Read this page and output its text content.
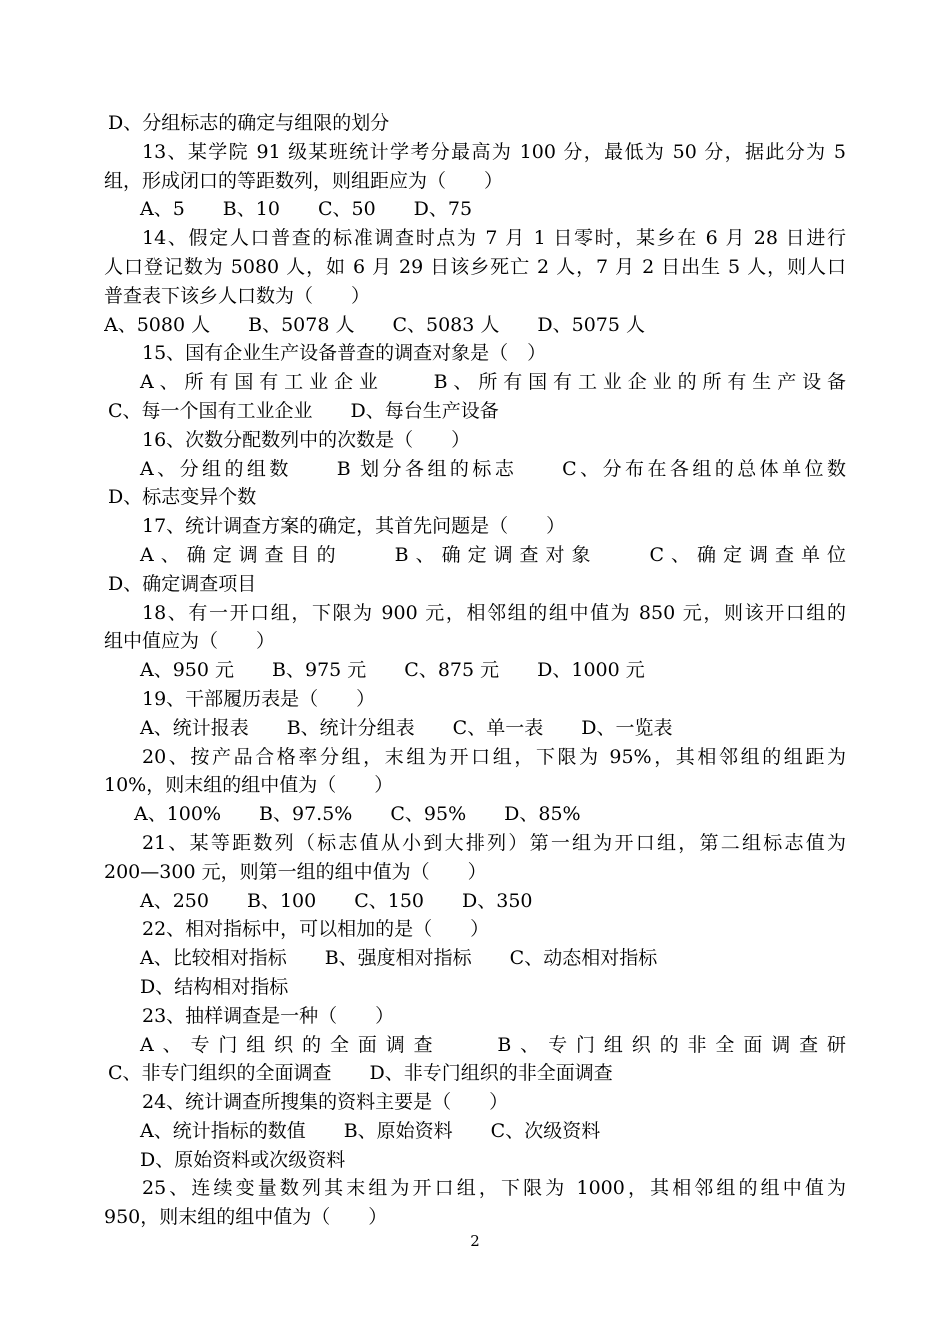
D、分组标志的确定与组限的划分
13、某学院 91 级某班统计学考分最高为 100 分，最低为 50 分，据此分为 5
组，形成闭口的等距数列，则组距应为（　　）
A、5　　B、10　　C、50　　D、75
14、假定人口普查的标准调查时点为 7 月 1 日零时，某乡在 6 月 28 日进行
人口登记数为 5080 人，如 6 月 29 日该乡死亡 2 人，7 月 2 日出生 5 人，则人口
普查表下该乡人口数为（　　）
A、5080 人　　B、5078 人　　C、5083 人　　D、5075 人
15、国有企业生产设备普查的调查对象是（　）
A、所有国有工业企业　　B、所有国有工业企业的所有生产设备
C、每一个国有工业企业　　D、每台生产设备
16、次数分配数列中的次数是（　　）
A、分组的组数　　B 划分各组的标志　　C、分布在各组的总体单位数
D、标志变异个数
17、统计调查方案的确定，其首先问题是（　　）
A、确定调查目的　　B、确定调查对象　　C、确定调查单位
D、确定调查项目
18、有一开口组，下限为 900 元，相邻组的组中值为 850 元，则该开口组的
组中值应为（　　）
A、950 元　　B、975 元　　C、875 元　　D、1000 元
19、干部履历表是（　　）
A、统计报表　　B、统计分组表　　C、单一表　　D、一览表
20、按产品合格率分组，末组为开口组，下限为 95%，其相邻组的组距为
10%，则末组的组中值为（　　）
A、100%　　B、97.5%　　C、95%　　D、85%
21、某等距数列（标志值从小到大排列）第一组为开口组，第二组标志值为
200—300 元，则第一组的组中值为（　　）
A、250　　B、100　　C、150　　D、350
22、相对指标中，可以相加的是（　　）
A、比较相对指标　　B、强度相对指标　　C、动态相对指标
D、结构相对指标
23、抽样调查是一种（　　）
A、专门组织的全面调查　　B、专门组织的非全面调查研
C、非专门组织的全面调查　　D、非专门组织的非全面调查
24、统计调查所搜集的资料主要是（　　）
A、统计指标的数值　　B、原始资料　　C、次级资料
D、原始资料或次级资料
25、连续变量数列其末组为开口组，下限为 1000，其相邻组的组中值为
950，则末组的组中值为（　　）
2
